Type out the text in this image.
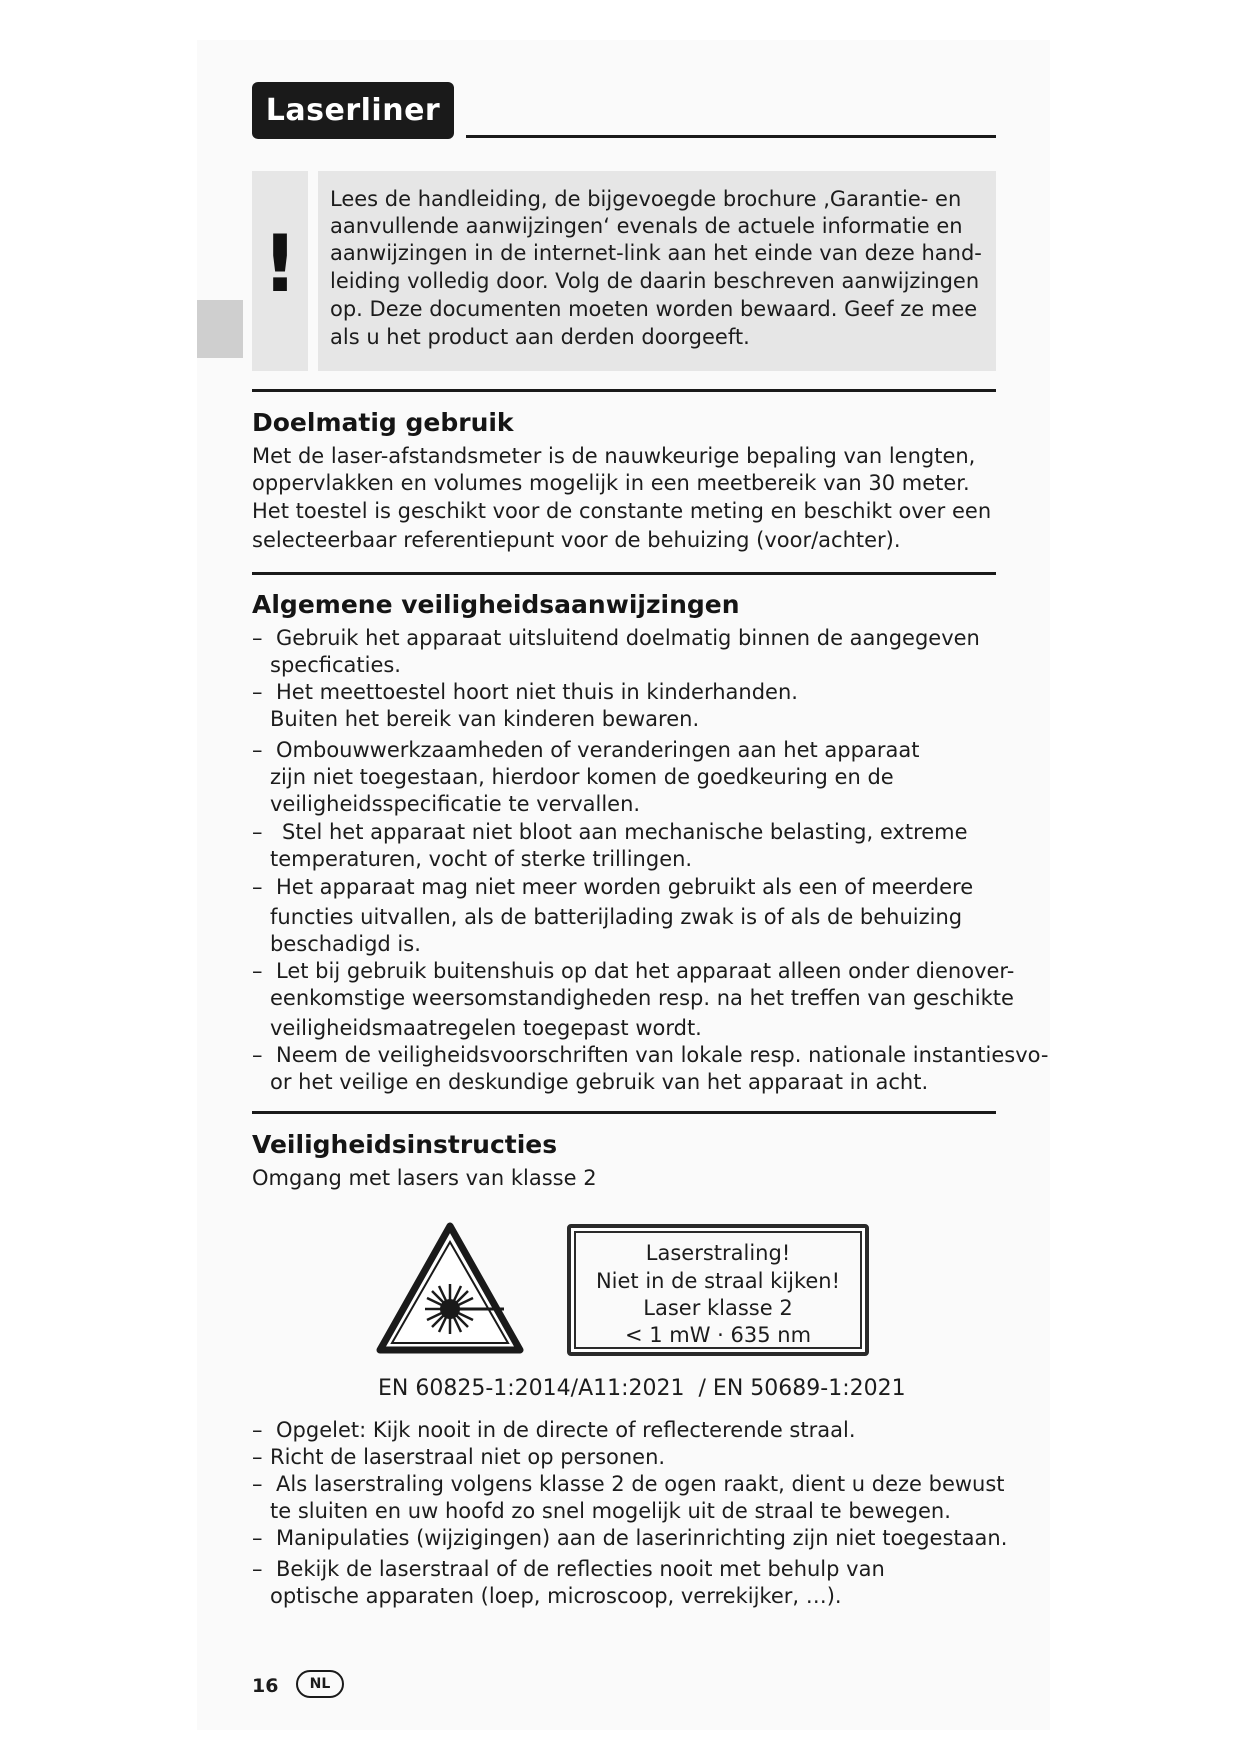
Laserliner
!
Lees de handleiding, de bijgevoegde brochure ‚Garantie- en
aanvullende aanwijzingen‘ evenals de actuele informatie en
aanwijzingen in de internet-link aan het einde van deze hand-
leiding volledig door. Volg de daarin beschreven aanwijzingen
op. Deze documenten moeten worden bewaard. Geef ze mee
als u het product aan derden doorgeeft.
Doelmatig gebruik
Met de laser-afstandsmeter is de nauwkeurige bepaling van lengten,
oppervlakken en volumes mogelijk in een meetbereik van 30 meter.
Het toestel is geschikt voor de constante meting en beschikt over een
selecteerbaar referentiepunt voor de behuizing (voor/achter).
Algemene veiligheidsaanwijzingen
– Gebruik het apparaat uitsluitend doelmatig binnen de aangegeven
specficaties.
– Het meettoestel hoort niet thuis in kinderhanden.
Buiten het bereik van kinderen bewaren.
– Ombouwwerkzaamheden of veranderingen aan het apparaat
zijn niet toegestaan, hierdoor komen de goedkeuring en de
veiligheidsspecificatie te vervallen.
– Stel het apparaat niet bloot aan mechanische belasting, extreme
temperaturen, vocht of sterke trillingen.
– Het apparaat mag niet meer worden gebruikt als een of meerdere
functies uitvallen, als de batterijlading zwak is of als de behuizing
beschadigd is.
– Let bij gebruik buitenshuis op dat het apparaat alleen onder dienover-
eenkomstige weersomstandigheden resp. na het treffen van geschikte
veiligheidsmaatregelen toegepast wordt.
– Neem de veiligheidsvoorschriften van lokale resp. nationale instantiesvo-
or het veilige en deskundige gebruik van het apparaat in acht.
Veiligheidsinstructies
Omgang met lasers van klasse 2
Laserstraling!
Niet in de straal kijken!
Laser klasse 2
< 1 mW · 635 nm
EN 60825-1:2014/A11:2021  / EN 50689-1:2021
– Opgelet: Kijk nooit in de directe of reflecterende straal.
– Richt de laserstraal niet op personen.
– Als laserstraling volgens klasse 2 de ogen raakt, dient u deze bewust
te sluiten en uw hoofd zo snel mogelijk uit de straal te bewegen.
– Manipulaties (wijzigingen) aan de laserinrichting zijn niet toegestaan.
– Bekijk de laserstraal of de reflecties nooit met behulp van
optische apparaten (loep, microscoop, verrekijker, …).
16	NL
